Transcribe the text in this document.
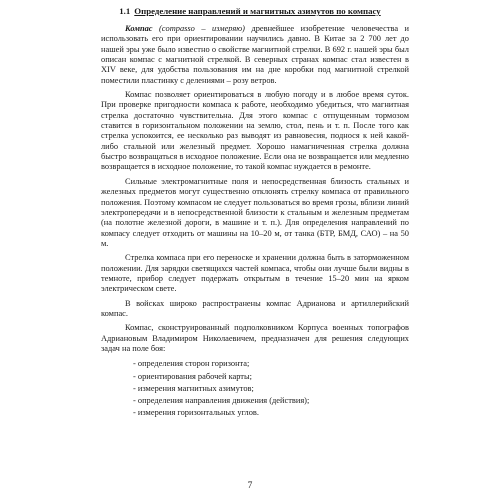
1.1 Определение направлений и магнитных азимутов по компасу

Компас (compasso – измеряю) древнейшее изобретение человечества и использовать его при ориентировании научились давно. В Китае за 2 700 лет до нашей эры уже было известно о свойстве магнитной стрелки. В 692 г. нашей эры был описан компас с магнитной стрелкой. В северных странах компас стал известен в XIV веке, для удобства пользования им на дне коробки под магнитной стрелкой поместили пластинку с делениями – розу ветров.

Компас позволяет ориентироваться в любую погоду и в любое время суток. При проверке пригодности компаса к работе, необходимо убедиться, что магнитная стрелка достаточно чувствительна. Для этого компас с отпущенным тормозом ставится в горизонтальном положении на землю, стол, пень и т. п. После того как стрелка успокоится, ее несколько раз выводят из равновесия, поднося к ней какой-либо стальной или железный предмет. Хорошо намагниченная стрелка должна быстро возвращаться в исходное положение. Если она не возвращается или медленно возвращается в исходное положение, то такой компас нуждается в ремонте.

Сильные электромагнитные поля и непосредственная близость стальных и железных предметов могут существенно отклонять стрелку компаса от правильного положения. Поэтому компасом не следует пользоваться во время грозы, вблизи линий электропередачи и в непосредственной близости к стальным и железным предметам (на полотне железной дороги, в машине и т. п.). Для определения направлений по компасу следует отходить от машины на 10–20 м, от танка (БТР, БМД, САО) – на 50 м.

Стрелка компаса при его переноске и хранении должна быть в заторможенном положении. Для зарядки светящихся частей компаса, чтобы они лучше были видны в темноте, прибор следует подержать открытым в течение 15–20 мин на ярком электрическом свете.

В войсках широко распространены компас Адрианова и артиллерийский компас.

Компас, сконструированный подполковником Корпуса военных топографов Адриановым Владимиром Николаевичем, предназначен для решения следующих задач на поле боя:

- определения сторон горизонта;
- ориентирования рабочей карты;
- измерения магнитных азимутов;
- определения направления движения (действия);
- измерения горизонтальных углов.
7
